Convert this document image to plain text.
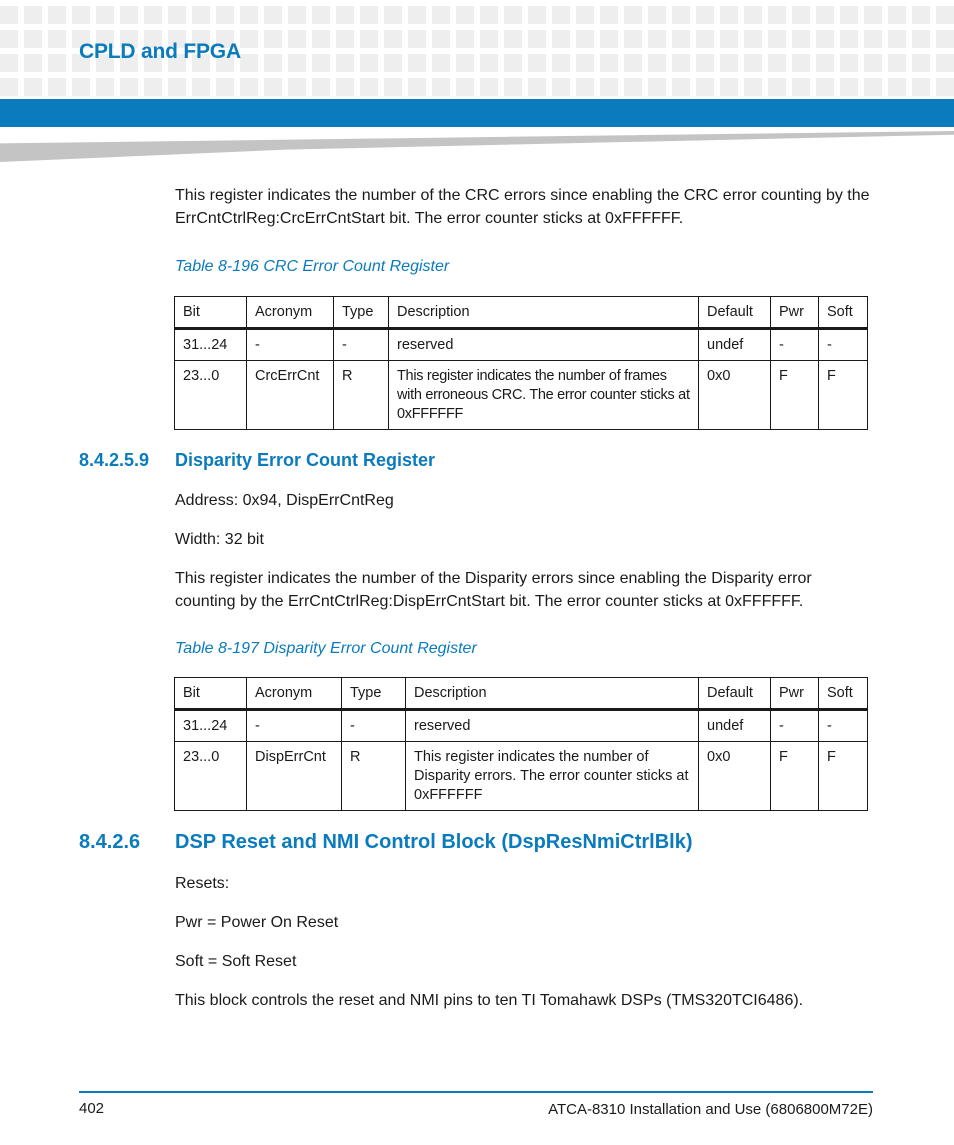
CPLD and FPGA

This register indicates the number of the CRC errors since enabling the CRC error counting by the ErrCntCtrlReg:CrcErrCntStart bit. The error counter sticks at 0xFFFFFF.

Table 8-196 CRC Error Count Register

Bit	Acronym	Type	Description	Default	Pwr	Soft
31...24	-	-	reserved	undef	-	-
23...0	CrcErrCnt	R	This register indicates the number of frames with erroneous CRC. The error counter sticks at 0xFFFFFF	0x0	F	F
8.4.2.5.9 Disparity Error Count Register

Address: 0x94, DispErrCntReg

Width: 32 bit

This register indicates the number of the Disparity errors since enabling the Disparity error counting by the ErrCntCtrlReg:DispErrCntStart bit. The error counter sticks at 0xFFFFFF.

Table 8-197 Disparity Error Count Register

Bit	Acronym	Type	Description	Default	Pwr	Soft
31...24	-	-	reserved	undef	-	-
23...0	DispErrCnt	R	This register indicates the number of Disparity errors. The error counter sticks at 0xFFFFFF	0x0	F	F
8.4.2.6 DSP Reset and NMI Control Block (DspResNmiCtrlBlk)

Resets:

Pwr = Power On Reset

Soft = Soft Reset

This block controls the reset and NMI pins to ten TI Tomahawk DSPs (TMS320TCI6486).

402	ATCA-8310 Installation and Use (6806800M72E)
